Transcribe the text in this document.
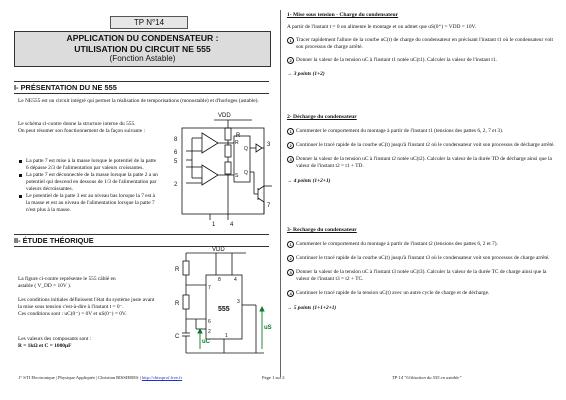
TP N°14
APPLICATION DU CONDENSATEUR :
UTILISATION DU CIRCUIT NE 555
(Fonction Astable)
I- PRÉSENTATION DU NE 555
Le NE555 est un circuit intégré qui permet la réalisation de temporisations (monostable) et d'horloges (astable).
Le schéma ci-contre donne la structure interne du 555.
On peut résumer son fonctionnement de la façon suivante :
La patte 7 est mise à la masse lorsque le potentiel de la patte 6 dépasse 2/3 de l'alimentation par valeurs croissantes.
La patte 7 est déconnectée de la masse lorsque la patte 2 a un potentiel qui descend en dessous de 1/3 de l'alimentation par valeurs décroissantes.
Le potentiel de la patte 3 est au niveau bas lorsque la 7 est à la masse et est au niveau de l'alimentation lorsque la patte 7 n'est plus à la masse.
VDD
R
R
S
Q
Q
8
6
5
2
1
3
7
4
II- ÉTUDE THÉORIQUE
La figure ci-contre représente le 555 câblé en astable ( V_DD = 10V ).
Les conditions initiales définissent l'état du système juste avant la mise sous tension c'est-à-dire à l'instant t = 0⁻.
Ces conditions sont : uC(0⁻) = 0V et uS(0⁻) = 0V.
Les valeurs des composants sont :
R = 1kΩ et C = 1000µF
VDD
R
R
C
555
7
6
2
8	4
3
1
uC
uS
1- Mise sous tension - Charge du condensateur
A partir de l'instant t = 0 on alimente le montage et on admet que uS(0⁺) = VDD = 10V.
1 Tracer rapidement l'allure de la courbe uC(t) de charge du condensateur en précisant l'instant t1 où le condensateur voit son processus de charge arrêté.
2 Donner la valeur de la tension uC à l'instant t1 notée uC(t1). Calculer la valeur de l'instant t1.
→ 3 points (1+2)
2- Décharge du condensateur
1 Commenter le comportement du montage à partir de l'instant t1 (tensions des pattes 6, 2, 7 et 3).
2 Continuer le tracé rapide de la courbe uC(t) jusqu'à l'instant t2 où le condensateur voit son processus de décharge arrêté.
3 Donner la valeur de la tension uC à l'instant t2 notée uC(t2). Calculer la valeur de la durée TD de décharge ainsi que la valeur de l'instant t2 = t1 + TD.
→ 4 points (1+2+1)
3- Recharge du condensateur
1 Commenter le comportement du montage à partir de l'instant t2 (tensions des pattes 6, 2 et 7).
2 Continuer le tracé rapide de la courbe uC(t) jusqu'à l'instant t3 où le condensateur voit son processus de charge arrêté.
3 Donner la valeur de la tension uC à l'instant t3 notée uC(t3). Calculer la valeur de la durée TC de charge ainsi que la valeur de l'instant t3 = t2 + TC.
4 Continuer le tracé rapide de la tension uC(t) avec un autre cycle de charge et de décharge.
→ 5 points (1+1+2+1)
1° STI Electronique | Physique Appliquée | Christian BISSIERES | http://cbissprof.free.fr	Page 1 sur 2	TP 14 "Utilisation du 555 en astable"
